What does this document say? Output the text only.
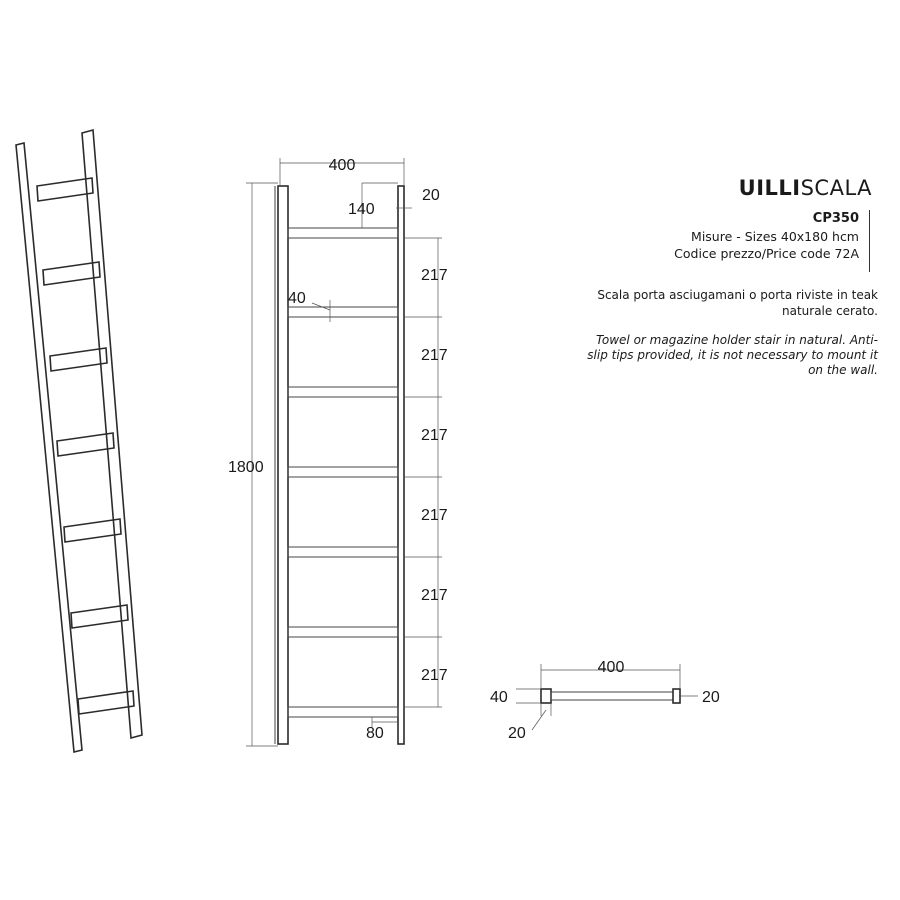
400
20
140
40
1800
217
217
217
217
217
217
80
400
40	20
20
UILLISCALA
CP350
Misure - Sizes 40x180 hcm
Codice prezzo/Price code 72A
Scala porta asciugamani o porta riviste in teak naturale cerato.
Towel or magazine holder stair in natural. Anti-slip tips provided, it is not necessary to mount it on the wall.
